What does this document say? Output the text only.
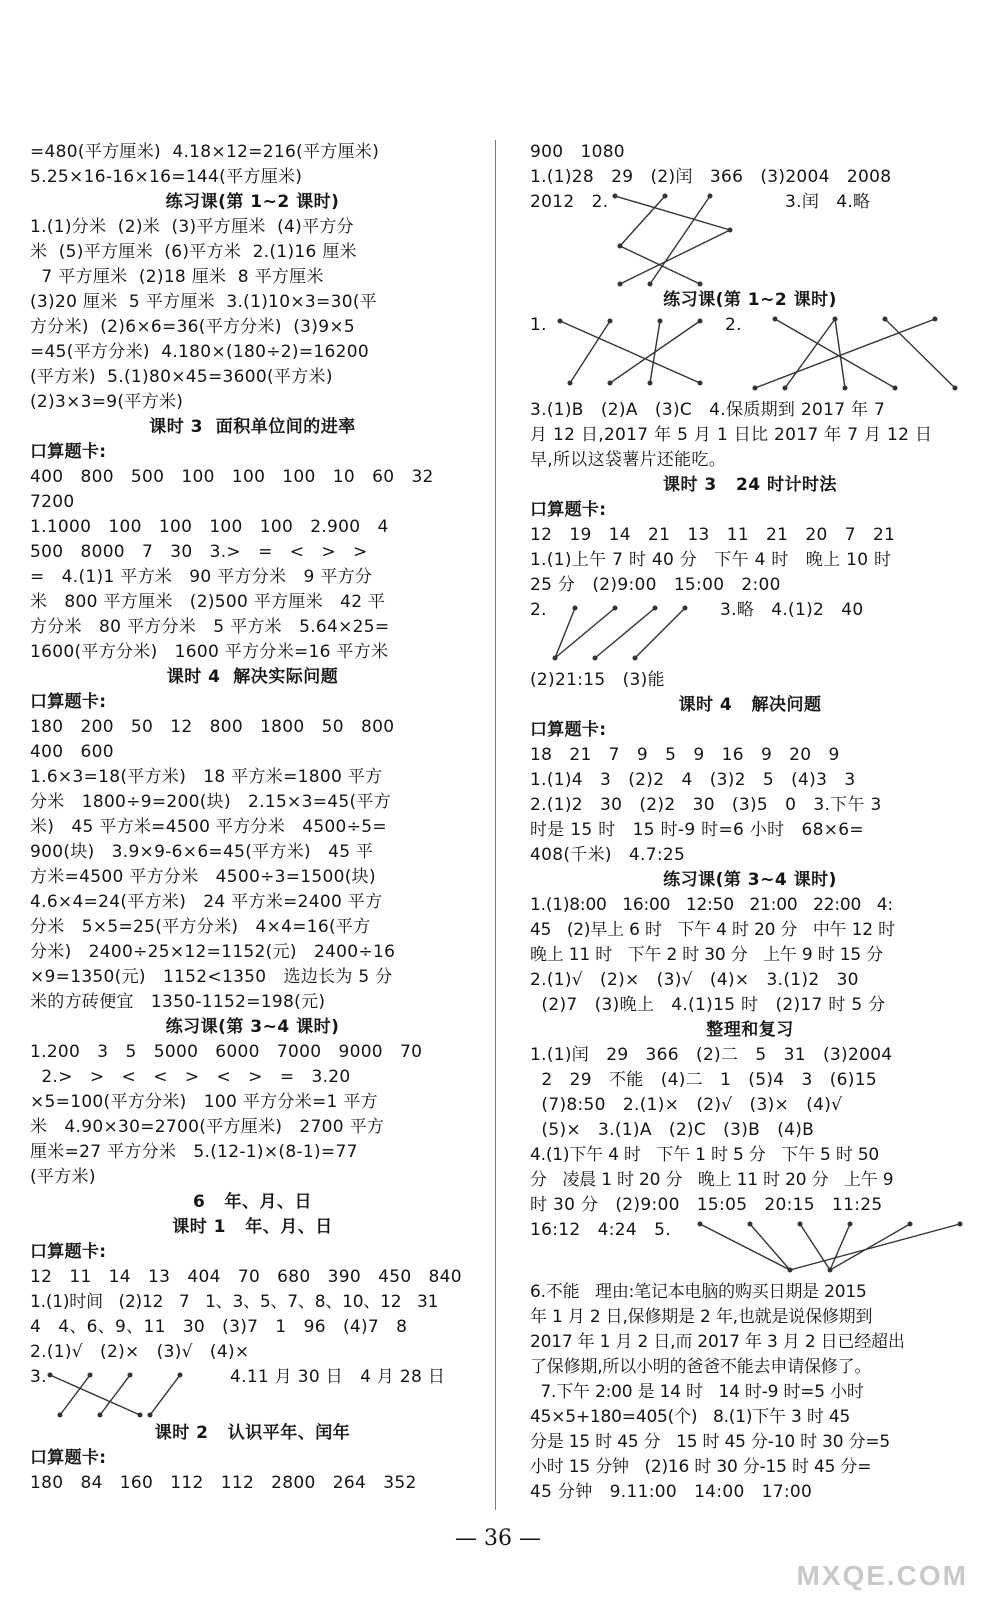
=480(平方厘米)  4.18×12=216(平方厘米)
5.25×16-16×16=144(平方厘米)
练习课(第 1~2 课时)
1.(1)分米  (2)米  (3)平方厘米  (4)平方分
米  (5)平方厘米  (6)平方米  2.(1)16 厘米
7 平方厘米  (2)18 厘米  8 平方厘米
(3)20 厘米  5 平方厘米  3.(1)10×3=30(平
方分米)  (2)6×6=36(平方分米)  (3)9×5
=45(平方分米)  4.180×(180÷2)=16200
(平方米)  5.(1)80×45=3600(平方米)
(2)3×3=9(平方米)
课时 3  面积单位间的进率
口算题卡:
400   800   500   100   100   100   10   60   32
7200
1.1000   100   100   100   100   2.900   4
500   8000   7   30   3.>   =   <   >   >
=   4.(1)1 平方米   90 平方分米   9 平方分
米   800 平方厘米   (2)500 平方厘米   42 平
方分米   80 平方分米   5 平方米   5.64×25=
1600(平方分米)   1600 平方分米=16 平方米
课时 4  解决实际问题
口算题卡:
180   200   50   12   800   1800   50   800
400   600
1.6×3=18(平方米)   18 平方米=1800 平方
分米   1800÷9=200(块)   2.15×3=45(平方
米)   45 平方米=4500 平方分米   4500÷5=
900(块)   3.9×9-6×6=45(平方米)   45 平
方米=4500 平方分米   4500÷3=1500(块)
4.6×4=24(平方米)   24 平方米=2400 平方
分米   5×5=25(平方分米)   4×4=16(平方
分米)   2400÷25×12=1152(元)   2400÷16
×9=1350(元)   1152<1350   选边长为 5 分
米的方砖便宜   1350-1152=198(元)
练习课(第 3~4 课时)
1.200   3   5   5000   6000   7000   9000   70
2.>   >   <   <   >   <   >   =   3.20
×5=100(平方分米)   100 平方分米=1 平方
米   4.90×30=2700(平方厘米)   2700 平方
厘米=27 平方分米   5.(12-1)×(8-1)=77
(平方米)
6   年、月、日
课时 1   年、月、日
口算题卡:
12   11   14   13   404   70   680   390   450   840
1.(1)时间   (2)12   7   1、3、5、7、8、10、12   31
4   4、6、9、11   30   (3)7   1   96   (4)7   8
2.(1)√   (2)×   (3)√   (4)×
3.	4.11 月 30 日   4 月 28 日
课时 2   认识平年、闰年
口算题卡:
180   84   160   112   112   2800   264   352
900   1080
1.(1)28   29   (2)闰   366   (3)2004   2008
2012   2.	3.闰   4.略
练习课(第 1~2 课时)
1.	2.
3.(1)B   (2)A   (3)C   4.保质期到 2017 年 7
月 12 日,2017 年 5 月 1 日比 2017 年 7 月 12 日
早,所以这袋薯片还能吃。
课时 3   24 时计时法
口算题卡:
12   19   14   21   13   11   21   20   7   21
1.(1)上午 7 时 40 分   下午 4 时   晚上 10 时
25 分   (2)9:00   15:00   2:00
2.	3.略   4.(1)2   40
(2)21:15   (3)能
课时 4   解决问题
口算题卡:
18   21   7   9   5   9   16   9   20   9
1.(1)4   3   (2)2   4   (3)2   5   (4)3   3
2.(1)2   30   (2)2   30   (3)5   0   3.下午 3
时是 15 时   15 时-9 时=6 小时   68×6=
408(千米)   4.7:25
练习课(第 3~4 课时)
1.(1)8:00   16:00   12:50   21:00   22:00   4:
45   (2)早上 6 时   下午 4 时 20 分   中午 12 时
晚上 11 时   下午 2 时 30 分   上午 9 时 15 分
2.(1)√   (2)×   (3)√   (4)×   3.(1)2   30
(2)7   (3)晚上   4.(1)15 时   (2)17 时 5 分
整理和复习
1.(1)闰   29   366   (2)二   5   31   (3)2004
2   29   不能   (4)二   1   (5)4   3   (6)15
(7)8:50   2.(1)×   (2)√   (3)×   (4)√
(5)×   3.(1)A   (2)C   (3)B   (4)B
4.(1)下午 4 时   下午 1 时 5 分   下午 5 时 50
分   凌晨 1 时 20 分   晚上 11 时 20 分   上午 9
时 30 分   (2)9:00   15:05   20:15   11:25
16:12   4:24   5.
6.不能   理由:笔记本电脑的购买日期是 2015
年 1 月 2 日,保修期是 2 年,也就是说保修期到
2017 年 1 月 2 日,而 2017 年 3 月 2 日已经超出
了保修期,所以小明的爸爸不能去申请保修了。
7.下午 2:00 是 14 时   14 时-9 时=5 小时
45×5+180=405(个)   8.(1)下午 3 时 45
分是 15 时 45 分   15 时 45 分-10 时 30 分=5
小时 15 分钟   (2)16 时 30 分-15 时 45 分=
45 分钟   9.11:00   14:00   17:00
— 36 —
MXQE.COM
